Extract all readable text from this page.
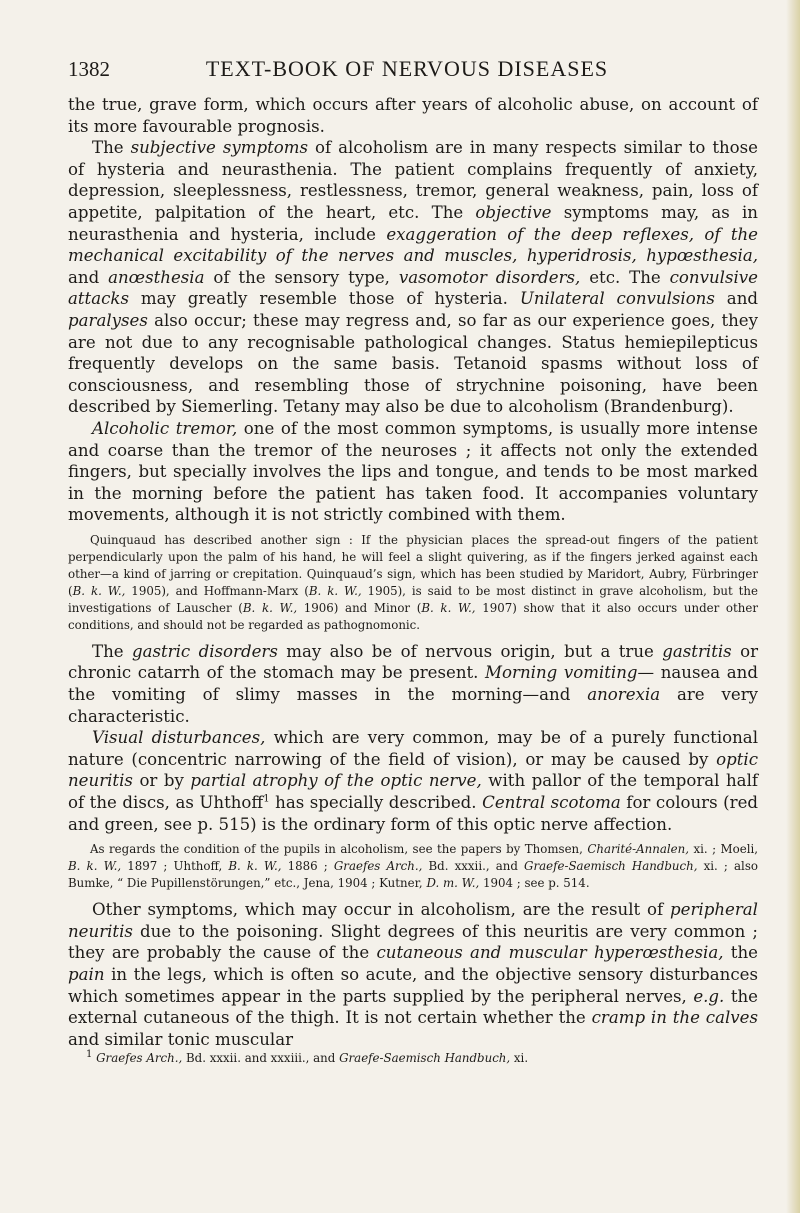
1382	TEXT-BOOK OF NERVOUS DISEASES

the true, grave form, which occurs after years of alcoholic abuse, on account of its more favourable prognosis.

The subjective symptoms of alcoholism are in many respects similar to those of hysteria and neurasthenia. The patient complains frequently of anxiety, depression, sleeplessness, restlessness, tremor, general weakness, pain, loss of appetite, palpitation of the heart, etc. The objective symptoms may, as in neurasthenia and hysteria, include exaggeration of the deep reflexes, of the mechanical excitability of the nerves and muscles, hyperidrosis, hypœsthesia, and anœsthesia of the sensory type, vasomotor disorders, etc. The convulsive attacks may greatly resemble those of hysteria. Unilateral convulsions and paralyses also occur; these may regress and, so far as our experience goes, they are not due to any recognisable pathological changes. Status hemiepilepticus frequently develops on the same basis. Tetanoid spasms without loss of consciousness, and resembling those of strychnine poisoning, have been described by Siemerling. Tetany may also be due to alcoholism (Brandenburg).

Alcoholic tremor, one of the most common symptoms, is usually more intense and coarse than the tremor of the neuroses ; it affects not only the extended fingers, but specially involves the lips and tongue, and tends to be most marked in the morning before the patient has taken food. It accompanies voluntary movements, although it is not strictly combined with them.

Quinquaud has described another sign : If the physician places the spread-out fingers of the patient perpendicularly upon the palm of his hand, he will feel a slight quivering, as if the fingers jerked against each other—a kind of jarring or crepitation. Quinquaud’s sign, which has been studied by Maridort, Aubry, Fürbringer (B. k. W., 1905), and Hoffmann-Marx (B. k. W., 1905), is said to be most distinct in grave alcoholism, but the investigations of Lauscher (B. k. W., 1906) and Minor (B. k. W., 1907) show that it also occurs under other conditions, and should not be regarded as pathognomonic.

The gastric disorders may also be of nervous origin, but a true gastritis or chronic catarrh of the stomach may be present. Morning vomiting— nausea and the vomiting of slimy masses in the morning—and anorexia are very characteristic.

Visual disturbances, which are very common, may be of a purely functional nature (concentric narrowing of the field of vision), or may be caused by optic neuritis or by partial atrophy of the optic nerve, with pallor of the temporal half of the discs, as Uhthoff$^1$ has specially described. Central scotoma for colours (red and green, see p. 515) is the ordinary form of this optic nerve affection.

As regards the condition of the pupils in alcoholism, see the papers by Thomsen, Charité-Annalen, xi. ; Moeli, B. k. W., 1897 ; Uhthoff, B. k. W., 1886 ; Graefes Arch., Bd. xxxii., and Graefe-Saemisch Handbuch, xi. ; also Bumke, “ Die Pupillenstörungen,” etc., Jena, 1904 ; Kutner, D. m. W., 1904 ; see p. 514.

Other symptoms, which may occur in alcoholism, are the result of peripheral neuritis due to the poisoning. Slight degrees of this neuritis are very common ; they are probably the cause of the cutaneous and muscular hyperœsthesia, the pain in the legs, which is often so acute, and the objective sensory disturbances which sometimes appear in the parts supplied by the peripheral nerves, e.g. the external cutaneous of the thigh. It is not certain whether the cramp in the calves and similar tonic muscular

$^1$ Graefes Arch., Bd. xxxii. and xxxiii., and Graefe-Saemisch Handbuch, xi.
